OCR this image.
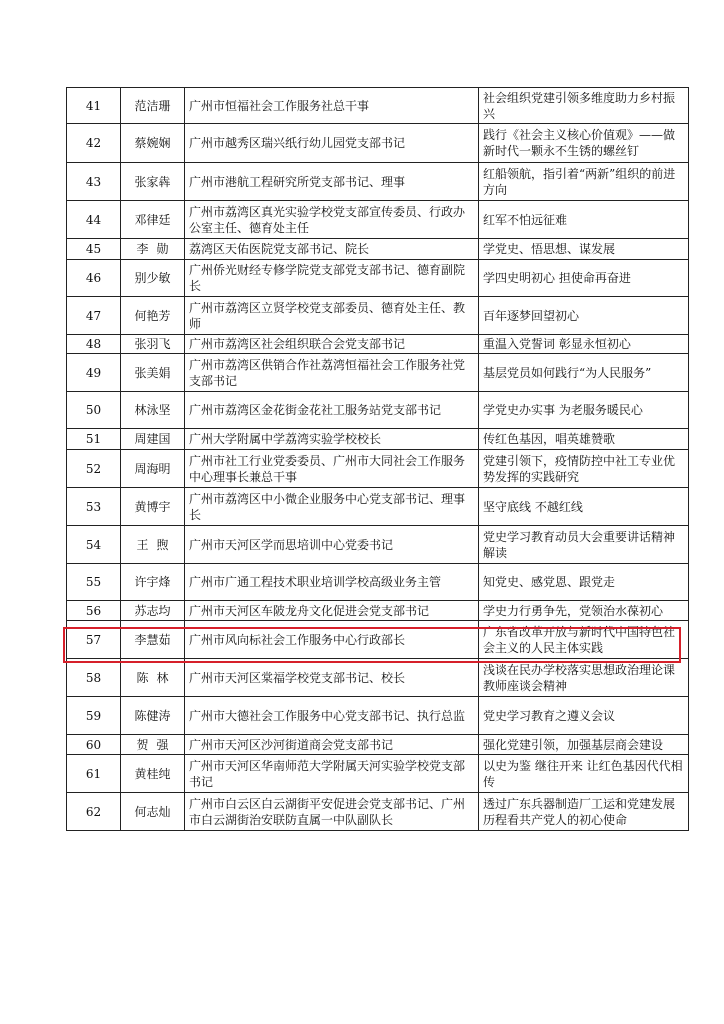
41	范洁珊	广州市恒福社会工作服务社总干事	社会组织党建引领多维度助力乡村振兴
42	蔡婉娴	广州市越秀区瑞兴纸行幼儿园党支部书记	践行《社会主义核心价值观》——做新时代一颗永不生锈的螺丝钉
43	张家犇	广州市港航工程研究所党支部书记、理事	红船领航，指引着“两新”组织的前进方向
44	邓律廷	广州市荔湾区真光实验学校党支部宣传委员、行政办公室主任、德育处主任	红军不怕远征难
45	李勋	荔湾区天佑医院党支部书记、院长	学党史、悟思想、谋发展
46	别少敏	广州侨光财经专修学院党支部党支部书记、德育副院长	学四史明初心 担使命再奋进
47	何艳芳	广州市荔湾区立贤学校党支部委员、德育处主任、教师	百年逐梦回望初心
48	张羽飞	广州市荔湾区社会组织联合会党支部书记	重温入党誓词 彰显永恒初心
49	张美娟	广州市荔湾区供销合作社荔湾恒福社会工作服务社党支部书记	基层党员如何践行“为人民服务”
50	林泳坚	广州市荔湾区金花街金花社工服务站党支部书记	学党史办实事 为老服务暖民心
51	周建国	广州大学附属中学荔湾实验学校校长	传红色基因，唱英雄赞歌
52	周海明	广州市社工行业党委委员、广州市大同社会工作服务中心理事长兼总干事	党建引领下，疫情防控中社工专业优势发挥的实践研究
53	黄博宇	广州市荔湾区中小微企业服务中心党支部书记、理事长	坚守底线 不越红线
54	王煦	广州市天河区学而思培训中心党委书记	党史学习教育动员大会重要讲话精神解读
55	许宇烽	广州市广通工程技术职业培训学校高级业务主管	知党史、感党恩、跟党走
56	苏志均	广州市天河区车陂龙舟文化促进会党支部书记	学史力行勇争先，党领治水葆初心
57	李慧茹	广州市风向标社会工作服务中心行政部长	广东省改革开放与新时代中国特色社会主义的人民主体实践
58	陈林	广州市天河区棠福学校党支部书记、校长	浅谈在民办学校落实思想政治理论课教师座谈会精神
59	陈健涛	广州市大德社会工作服务中心党支部书记、执行总监	党史学习教育之遵义会议
60	贺强	广州市天河区沙河街道商会党支部书记	强化党建引领，加强基层商会建设
61	黄桂纯	广州市天河区华南师范大学附属天河实验学校党支部书记	以史为鉴 继往开来 让红色基因代代相传
62	何志灿	广州市白云区白云湖街平安促进会党支部书记、广州市白云湖街治安联防直属一中队副队长	透过广东兵器制造厂工运和党建发展历程看共产党人的初心使命
